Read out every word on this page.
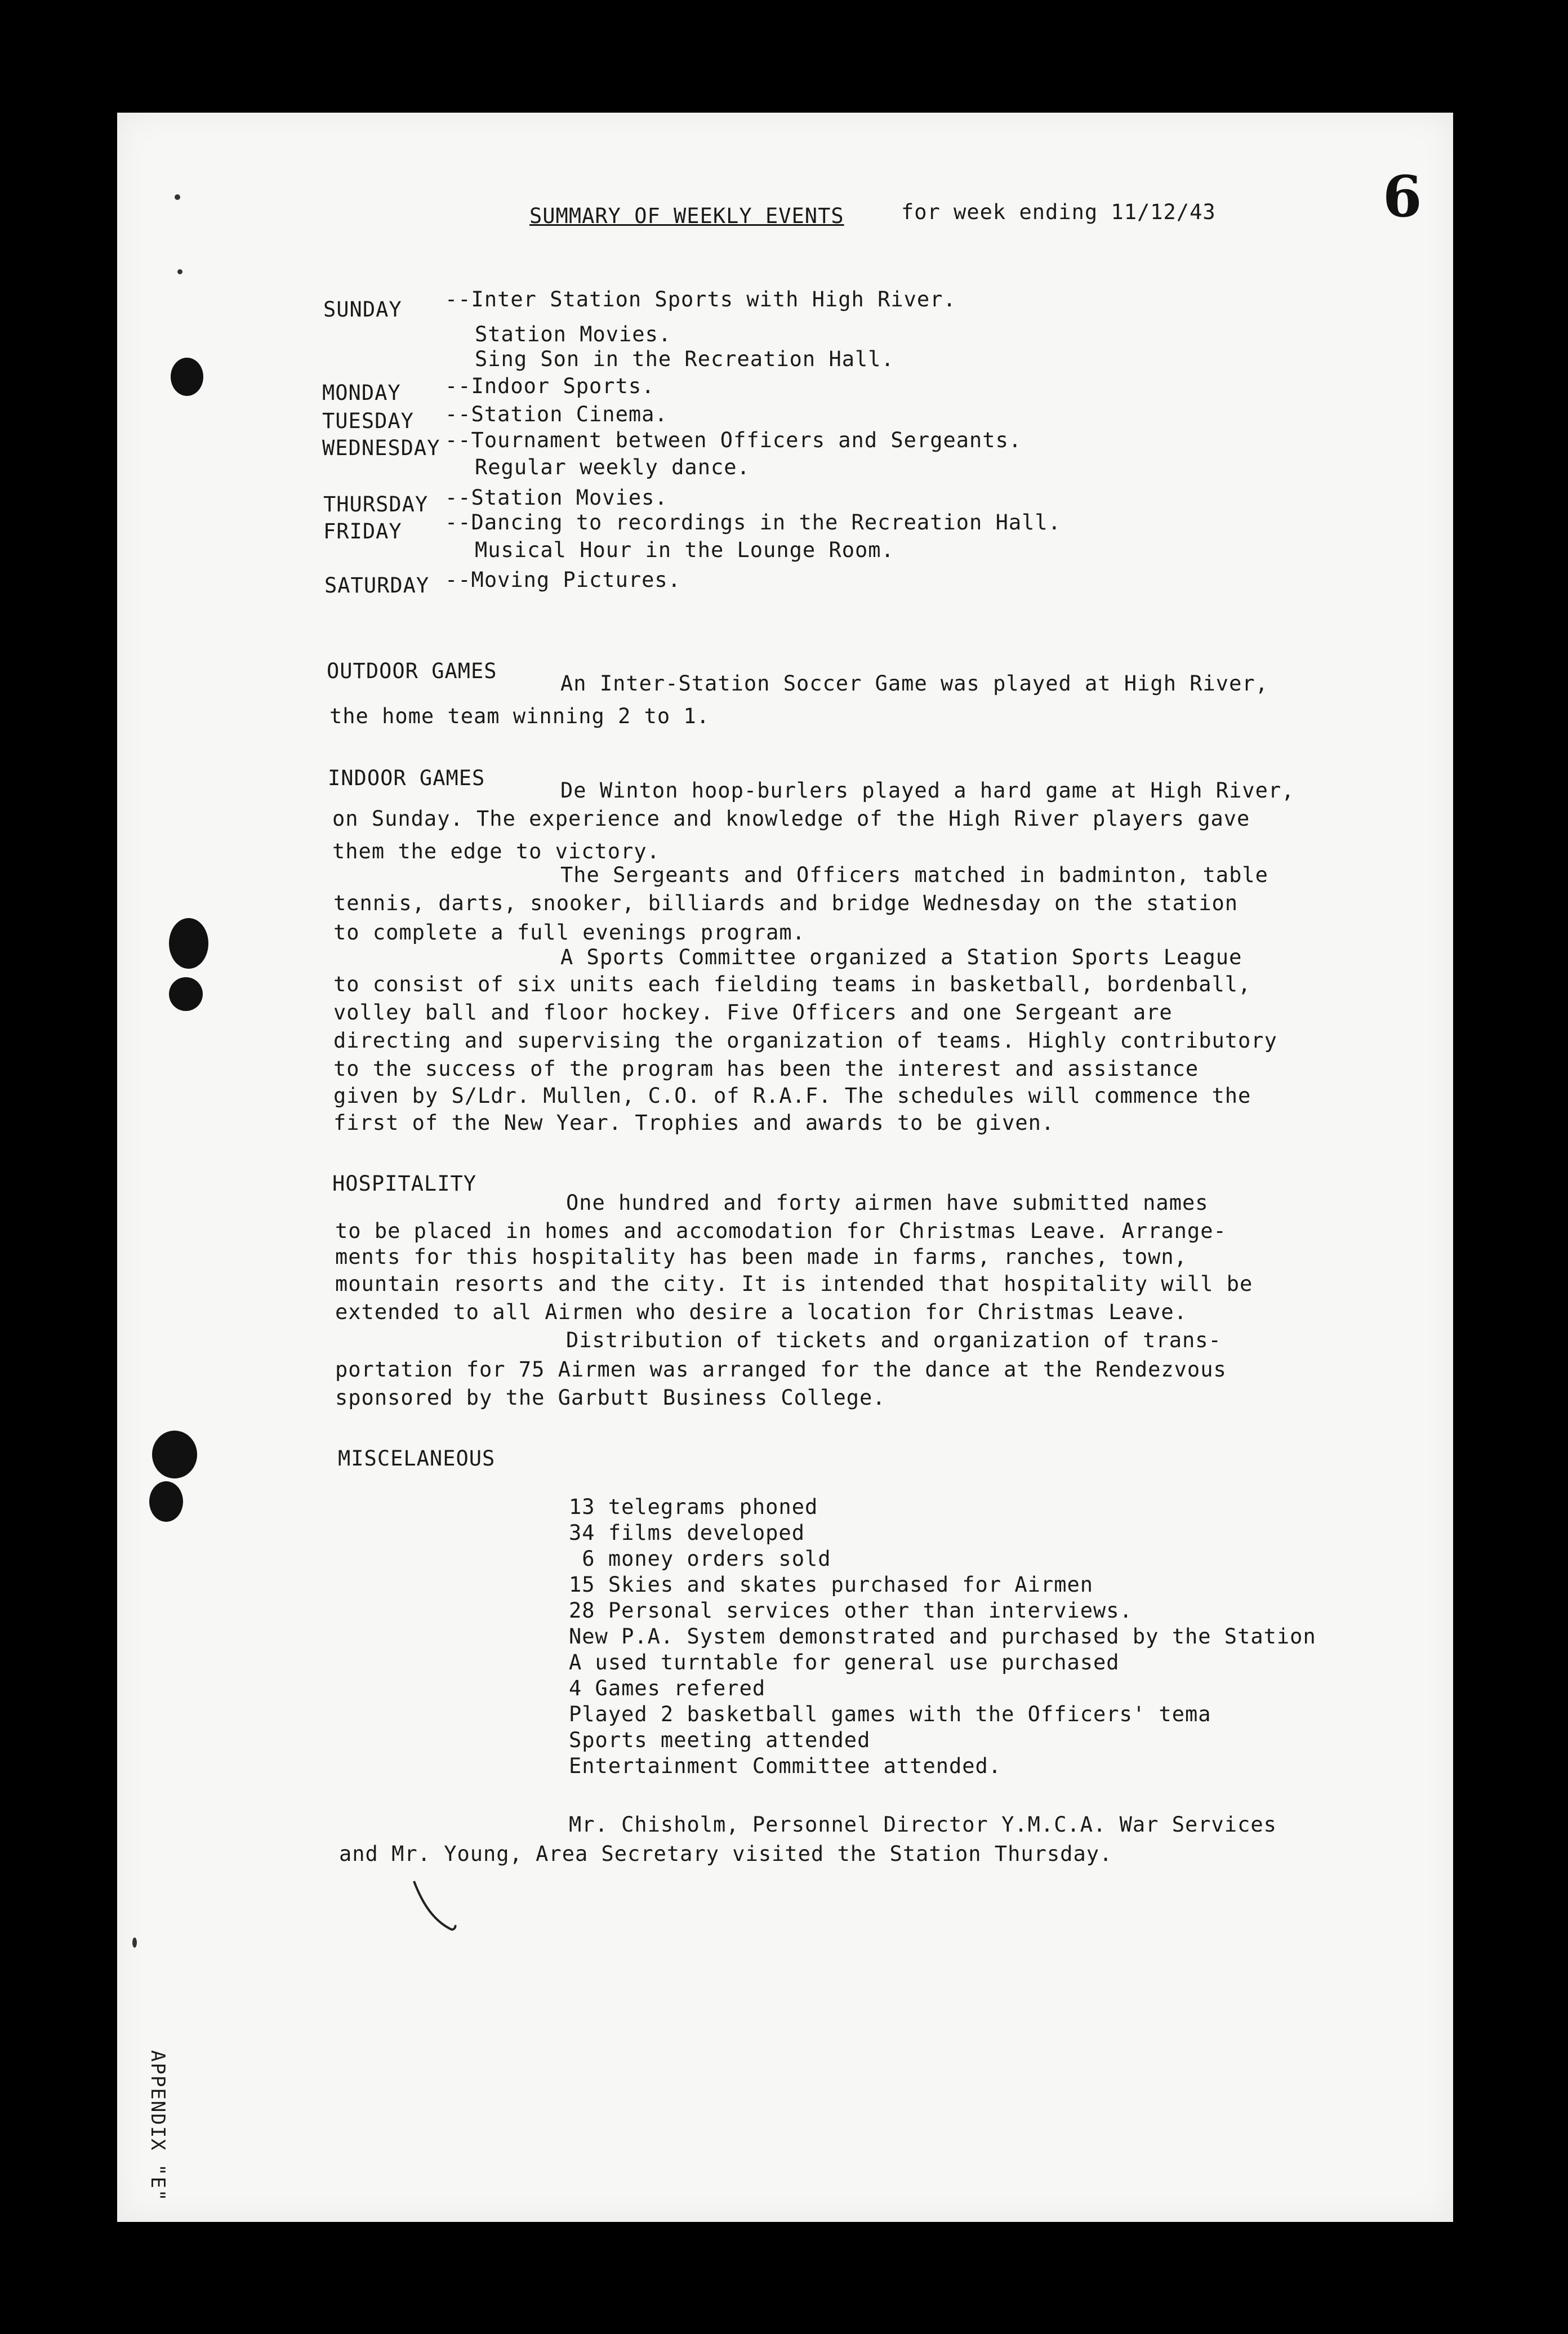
SUMMARY OF WEEKLY EVENTS	for week ending 11/12/43	6
SUNDAY --Inter Station Sports with High River.
Station Movies.
Sing Son in the Recreation Hall.
MONDAY --Indoor Sports.
TUESDAY --Station Cinema.
WEDNESDAY --Tournament between Officers and Sergeants.
Regular weekly dance.
THURSDAY --Station Movies.
FRIDAY --Dancing to recordings in the Recreation Hall.
Musical Hour in the Lounge Room.
SATURDAY --Moving Pictures.
OUTDOOR GAMES
An Inter-Station Soccer Game was played at High River,
the home team winning 2 to 1.
INDOOR GAMES
De Winton hoop-burlers played a hard game at High River,
on Sunday. The experience and knowledge of the High River players gave
them the edge to victory.
The Sergeants and Officers matched in badminton, table
tennis, darts, snooker, billiards and bridge Wednesday on the station
to complete a full evenings program.
A Sports Committee organized a Station Sports League
to consist of six units each fielding teams in basketball, bordenball,
volley ball and floor hockey. Five Officers and one Sergeant are
directing and supervising the organization of teams. Highly contributory
to the success of the program has been the interest and assistance
given by S/Ldr. Mullen, C.O. of R.A.F. The schedules will commence the
first of the New Year. Trophies and awards to be given.
HOSPITALITY
One hundred and forty airmen have submitted names
to be placed in homes and accomodation for Christmas Leave. Arrange-
ments for this hospitality has been made in farms, ranches, town,
mountain resorts and the city. It is intended that hospitality will be
extended to all Airmen who desire a location for Christmas Leave.
Distribution of tickets and organization of trans-
portation for 75 Airmen was arranged for the dance at the Rendezvous
sponsored by the Garbutt Business College.
MISCELANEOUS
13 telegrams phoned
34 films developed
6 money orders sold
15 Skies and skates purchased for Airmen
28 Personal services other than interviews.
New P.A. System demonstrated and purchased by the Station
A used turntable for general use purchased
4 Games refered
Played 2 basketball games with the Officers' tema
Sports meeting attended
Entertainment Committee attended.
Mr. Chisholm, Personnel Director Y.M.C.A. War Services
and Mr. Young, Area Secretary visited the Station Thursday.
APPENDIX "E"
